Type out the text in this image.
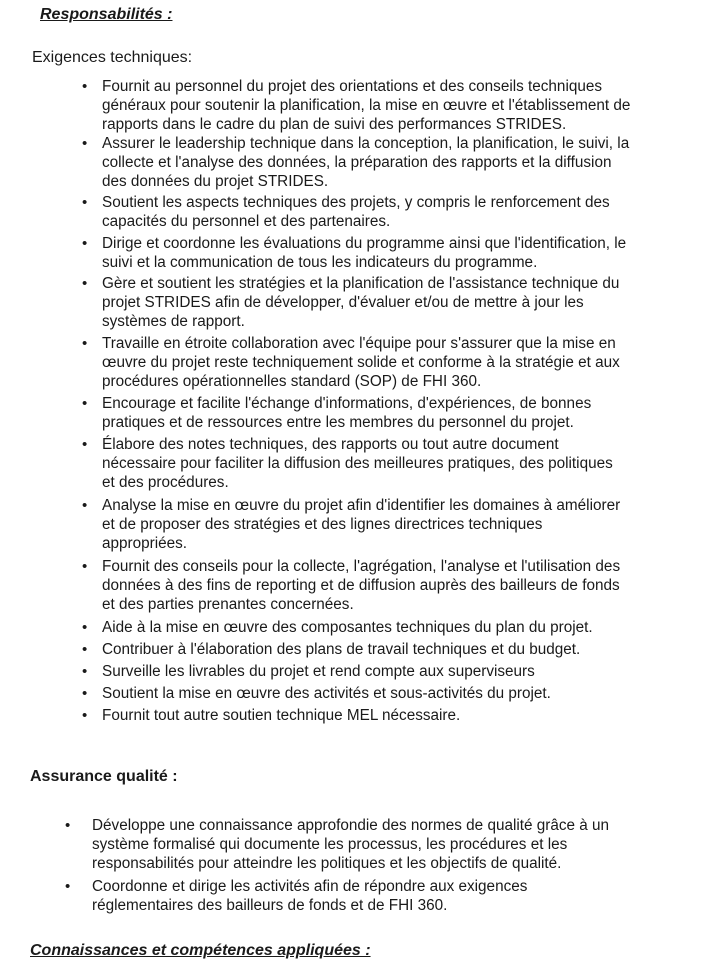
Responsabilités :

Exigences techniques:

• Fournit au personnel du projet des orientations et des conseils techniques
généraux pour soutenir la planification, la mise en œuvre et l'établissement de
rapports dans le cadre du plan de suivi des performances STRIDES.
• Assurer le leadership technique dans la conception, la planification, le suivi, la
collecte et l'analyse des données, la préparation des rapports et la diffusion
des données du projet STRIDES.
• Soutient les aspects techniques des projets, y compris le renforcement des
capacités du personnel et des partenaires.
• Dirige et coordonne les évaluations du programme ainsi que l'identification, le
suivi et la communication de tous les indicateurs du programme.
• Gère et soutient les stratégies et la planification de l'assistance technique du
projet STRIDES afin de développer, d'évaluer et/ou de mettre à jour les
systèmes de rapport.
• Travaille en étroite collaboration avec l'équipe pour s'assurer que la mise en
œuvre du projet reste techniquement solide et conforme à la stratégie et aux
procédures opérationnelles standard (SOP) de FHI 360.
• Encourage et facilite l'échange d'informations, d'expériences, de bonnes
pratiques et de ressources entre les membres du personnel du projet.
• Élabore des notes techniques, des rapports ou tout autre document
nécessaire pour faciliter la diffusion des meilleures pratiques, des politiques
et des procédures.
• Analyse la mise en œuvre du projet afin d'identifier les domaines à améliorer
et de proposer des stratégies et des lignes directrices techniques
appropriées.
• Fournit des conseils pour la collecte, l'agrégation, l'analyse et l'utilisation des
données à des fins de reporting et de diffusion auprès des bailleurs de fonds
et des parties prenantes concernées.
• Aide à la mise en œuvre des composantes techniques du plan du projet.
• Contribuer à l'élaboration des plans de travail techniques et du budget.
• Surveille les livrables du projet et rend compte aux superviseurs
• Soutient la mise en œuvre des activités et sous-activités du projet.
• Fournit tout autre soutien technique MEL nécessaire.
Assurance qualité :
• Développe une connaissance approfondie des normes de qualité grâce à un
système formalisé qui documente les processus, les procédures et les
responsabilités pour atteindre les politiques et les objectifs de qualité.
• Coordonne et dirige les activités afin de répondre aux exigences
réglementaires des bailleurs de fonds et de FHI 360.
Connaissances et compétences appliquées :
